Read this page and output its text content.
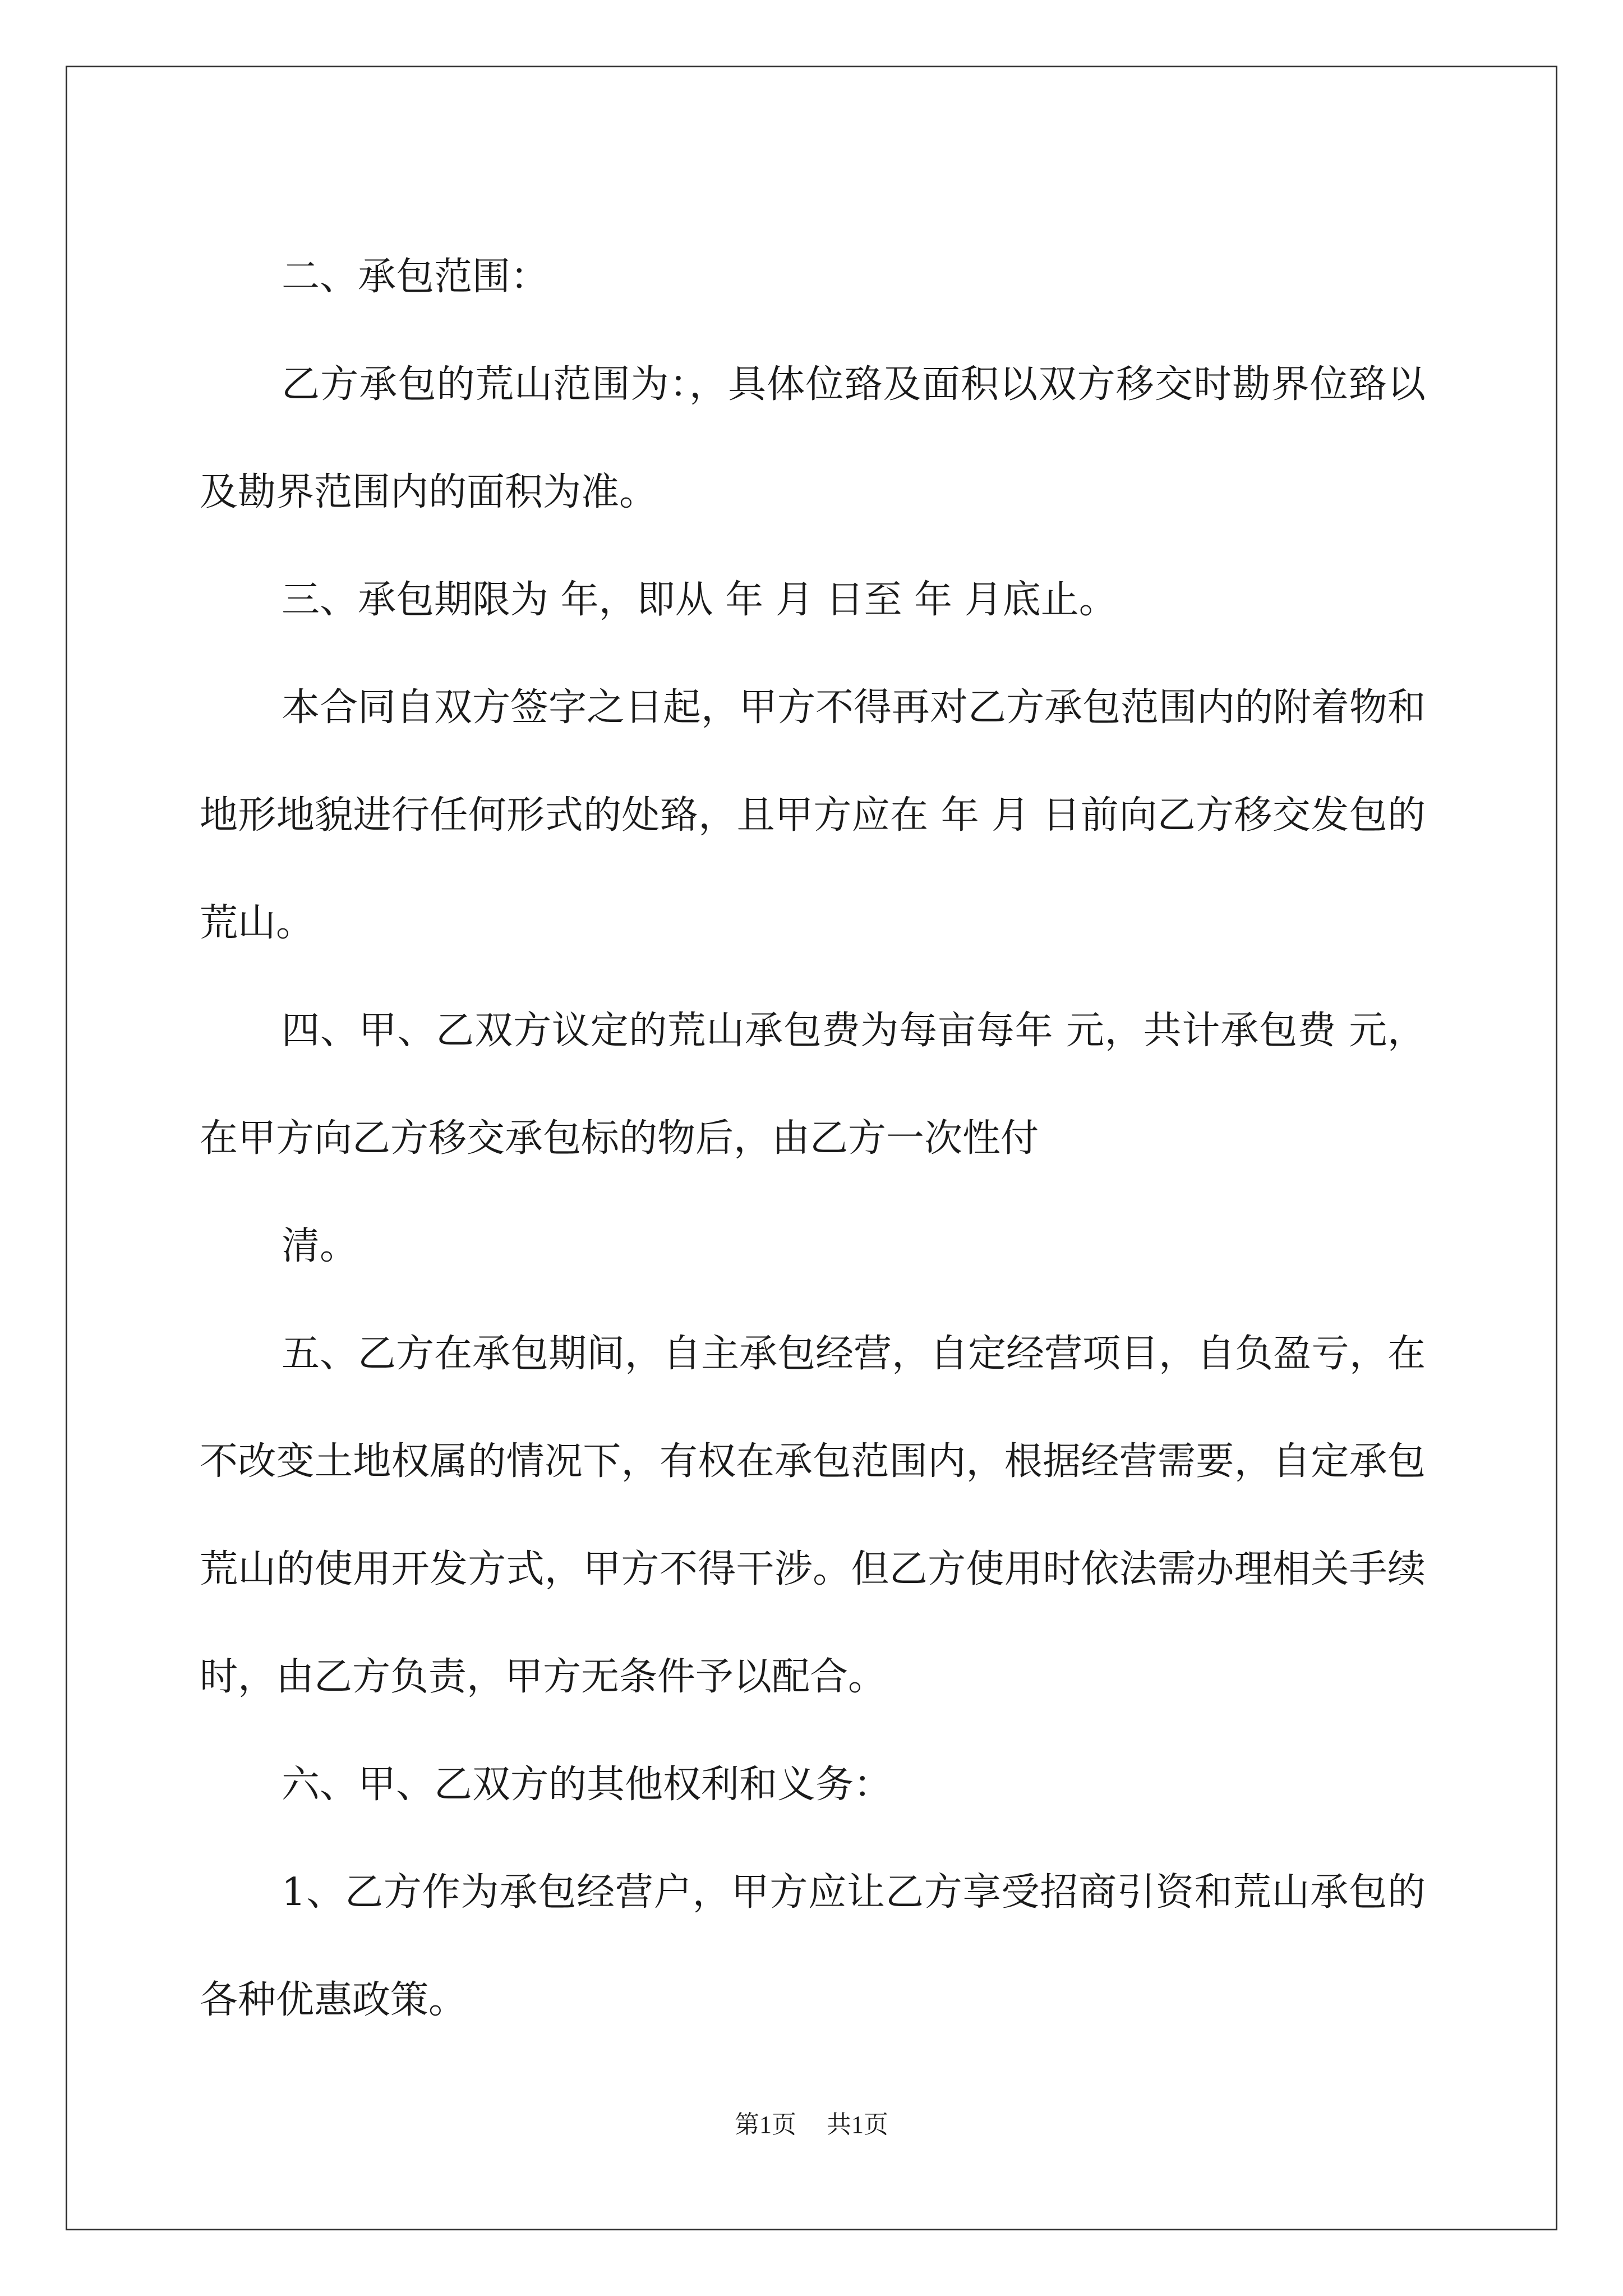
二、承包范围：

乙方承包的荒山范围为：，具体位臵及面积以双方移交时勘界位臵以及勘界范围内的面积为准。

三、承包期限为 年，即从 年 月 日至 年 月底止。

本合同自双方签字之日起，甲方不得再对乙方承包范围内的附着物和地形地貌进行任何形式的处臵，且甲方应在 年 月 日前向乙方移交发包的荒山。

四、甲、乙双方议定的荒山承包费为每亩每年 元，共计承包费 元，在甲方向乙方移交承包标的物后，由乙方一次性付

清。

五、乙方在承包期间，自主承包经营，自定经营项目，自负盈亏，在不改变土地权属的情况下，有权在承包范围内，根据经营需要，自定承包荒山的使用开发方式，甲方不得干涉。但乙方使用时依法需办理相关手续时，由乙方负责，甲方无条件予以配合。

六、甲、乙双方的其他权利和义务：

1、乙方作为承包经营户，甲方应让乙方享受招商引资和荒山承包的各种优惠政策。

第1页 共1页
